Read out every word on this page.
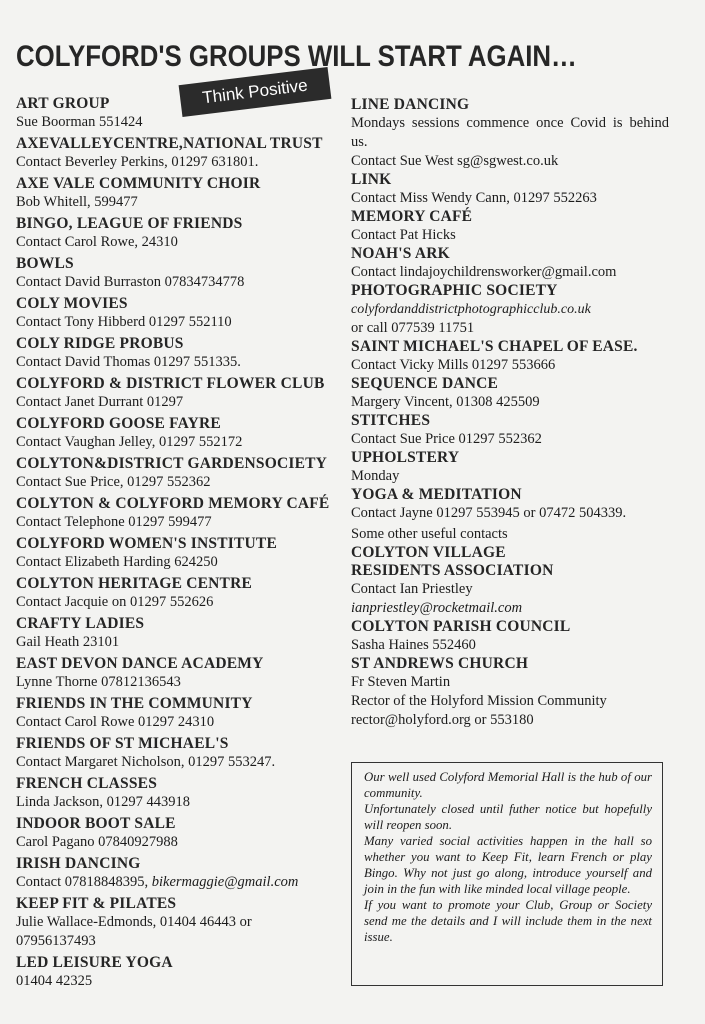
COLYFORD'S GROUPS WILL START AGAIN…
Think Positive
ART GROUP

Sue Boorman 551424

AXEVALLEYCENTRE,NATIONAL TRUST

Contact Beverley Perkins, 01297 631801.

AXE VALE COMMUNITY CHOIR

Bob Whitell, 599477

BINGO, LEAGUE OF FRIENDS

Contact Carol Rowe, 24310

BOWLS

Contact David Burraston 07834734778

COLY MOVIES

Contact Tony Hibberd 01297 552110

COLY RIDGE PROBUS

Contact David Thomas 01297 551335.

COLYFORD & DISTRICT FLOWER CLUB

Contact Janet Durrant 01297

COLYFORD GOOSE FAYRE

Contact Vaughan Jelley, 01297 552172

COLYTON&DISTRICT GARDENSOCIETY

Contact Sue Price, 01297 552362

COLYTON & COLYFORD MEMORY CAFÉ

Contact Telephone 01297 599477

COLYFORD WOMEN'S INSTITUTE

Contact Elizabeth Harding 624250

COLYTON HERITAGE CENTRE

Contact Jacquie on 01297 552626

CRAFTY LADIES

Gail Heath 23101

EAST DEVON DANCE ACADEMY

Lynne Thorne 07812136543

FRIENDS IN THE COMMUNITY

Contact Carol Rowe 01297 24310

FRIENDS OF ST MICHAEL'S

Contact Margaret Nicholson, 01297 553247.

FRENCH CLASSES

Linda Jackson, 01297 443918

INDOOR BOOT SALE

Carol Pagano 07840927988

IRISH DANCING

Contact 07818848395, bikermaggie@gmail.com

KEEP FIT & PILATES

Julie Wallace-Edmonds, 01404 46443 or

07956137493

LED LEISURE YOGA

01404 42325

LINE DANCING

Mondays sessions commence once Covid is behind us.

Contact Sue West sg@sgwest.co.uk

LINK

Contact Miss Wendy Cann, 01297 552263

MEMORY CAFÉ

Contact Pat Hicks

NOAH'S ARK

Contact lindajoychildrensworker@gmail.com

PHOTOGRAPHIC SOCIETY

colyfordanddistrictphotographicclub.co.uk

or call 077539 11751

SAINT MICHAEL'S CHAPEL OF EASE.

Contact Vicky Mills 01297 553666

SEQUENCE DANCE

Margery Vincent, 01308 425509

STITCHES

Contact Sue Price 01297 552362

UPHOLSTERY

Monday

YOGA & MEDITATION

Contact Jayne 01297 553945 or 07472 504339.

Some other useful contacts

COLYTON VILLAGE
RESIDENTS ASSOCIATION

Contact Ian Priestley

ianpriestley@rocketmail.com

COLYTON PARISH COUNCIL

Sasha Haines 552460

ST ANDREWS CHURCH

Fr Steven Martin

Rector of the Holyford Mission Community

rector@holyford.org or 553180

Our well used Colyford Memorial Hall is the hub of our community.

Unfortunately closed until futher notice but hopefully will reopen soon.

Many varied social activities happen in the hall so whether you want to Keep Fit, learn French or play Bingo. Why not just go along, introduce yourself and join in the fun with like minded local village people.

If you want to promote your Club, Group or Society send me the details and I will include them in the next issue.
